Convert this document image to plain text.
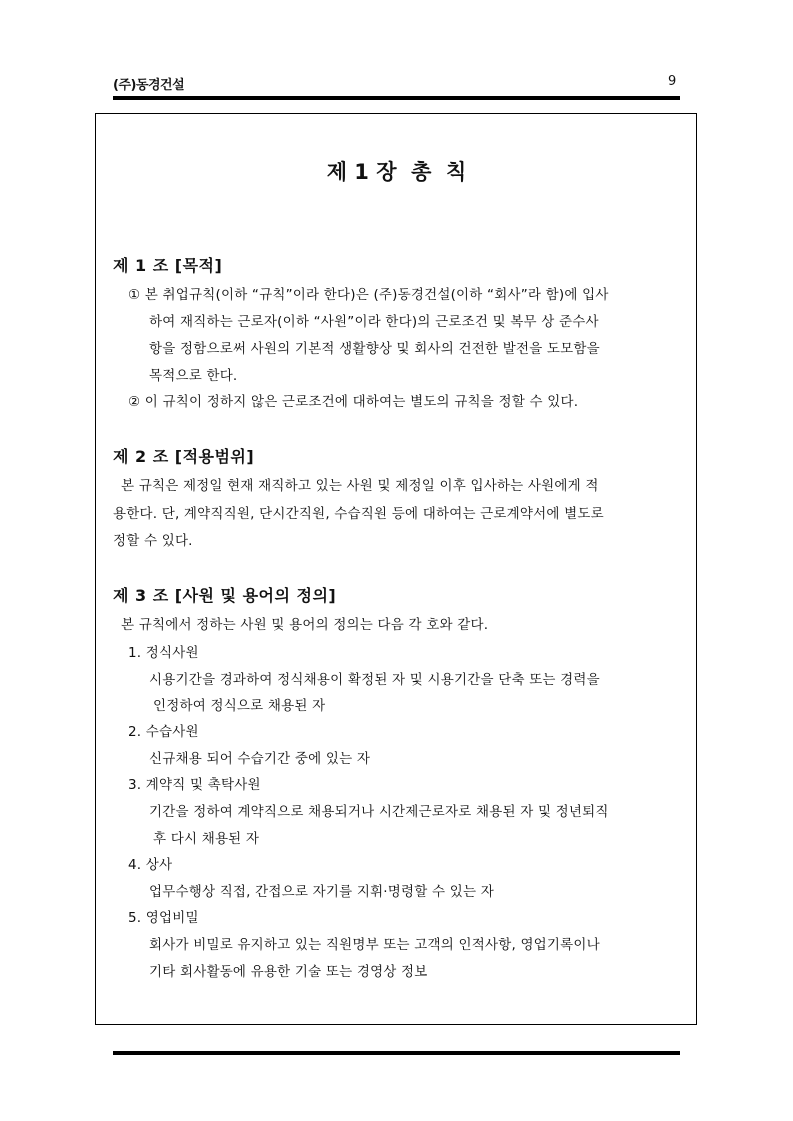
(주)동경건설	9
제 1 장  총  칙
제 1 조 [목적]
① 본 취업규칙(이하 “규칙”이라 한다)은 (주)동경건설(이하 “회사”라 함)에 입사
하여 재직하는 근로자(이하 “사원”이라 한다)의 근로조건 및 복무 상 준수사
항을 정함으로써 사원의 기본적 생활향상 및 회사의 건전한 발전을 도모함을
목적으로 한다.
② 이 규칙이 정하지 않은 근로조건에 대하여는 별도의 규칙을 정할 수 있다.
제 2 조 [적용범위]
본 규칙은 제정일 현재 재직하고 있는 사원 및 제정일 이후 입사하는 사원에게 적
용한다. 단, 계약직직원, 단시간직원, 수습직원 등에 대하여는 근로계약서에 별도로
정할 수 있다.
제 3 조 [사원 및 용어의 정의]
본 규칙에서 정하는 사원 및 용어의 정의는 다음 각 호와 같다.
1. 정식사원
시용기간을 경과하여 정식채용이 확정된 자 및 시용기간을 단축 또는 경력을
인정하여 정식으로 채용된 자
2. 수습사원
신규채용 되어 수습기간 중에 있는 자
3. 계약직 및 촉탁사원
기간을 정하여 계약직으로 채용되거나 시간제근로자로 채용된 자 및 정년퇴직
후 다시 채용된 자
4. 상사
업무수행상 직접, 간접으로 자기를 지휘·명령할 수 있는 자
5. 영업비밀
회사가 비밀로 유지하고 있는 직원명부 또는 고객의 인적사항, 영업기록이나
기타 회사활동에 유용한 기술 또는 경영상 정보
